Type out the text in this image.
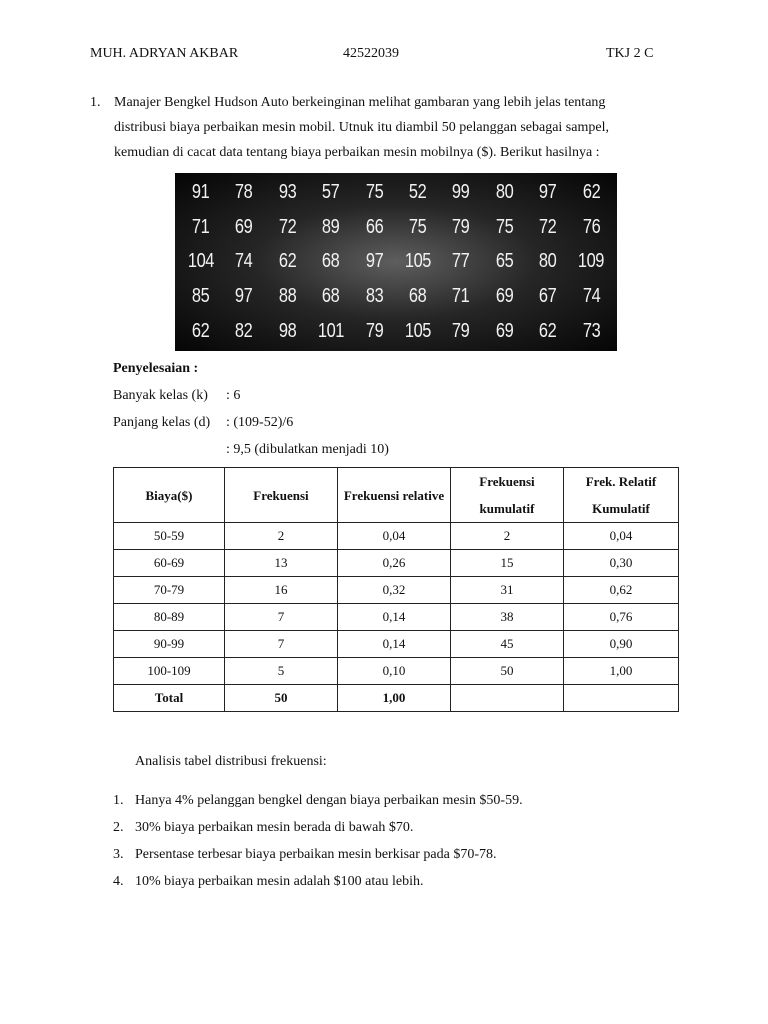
MUH. ADRYAN AKBAR	42522039	TKJ 2 C
1. Manajer Bengkel Hudson Auto berkeinginan melihat gambaran yang lebih jelas tentang
distribusi biaya perbaikan mesin mobil. Utnuk itu diambil 50 pelanggan sebagai sampel,
kemudian di cacat data tentang biaya perbaikan mesin mobilnya ($). Berikut hasilnya :
91 78 93 57 75 52 99 80 97 62
71 69 72 89 66 75 79 75 72 76
104 74 62 68 97 105 77 65 80 109
85 97 88 68 83 68 71 69 67 74
62 82 98 101 79 105 79 69 62 73
Penyelesaian :
Banyak kelas (k) : 6
Panjang kelas (d) : (109-52)/6
: 9,5 (dibulatkan menjadi 10)
Biaya($)	Frekuensi	Frekuensi relative	Frekuensi kumulatif	Frek. Relatif Kumulatif
50-59	2	0,04	2	0,04
60-69	13	0,26	15	0,30
70-79	16	0,32	31	0,62
80-89	7	0,14	38	0,76
90-99	7	0,14	45	0,90
100-109	5	0,10	50	1,00
Total	50	1,00		
Analisis tabel distribusi frekuensi:
1. Hanya 4% pelanggan bengkel dengan biaya perbaikan mesin $50-59.
2. 30% biaya perbaikan mesin berada di bawah $70.
3. Persentase terbesar biaya perbaikan mesin berkisar pada $70-78.
4. 10% biaya perbaikan mesin adalah $100 atau lebih.
